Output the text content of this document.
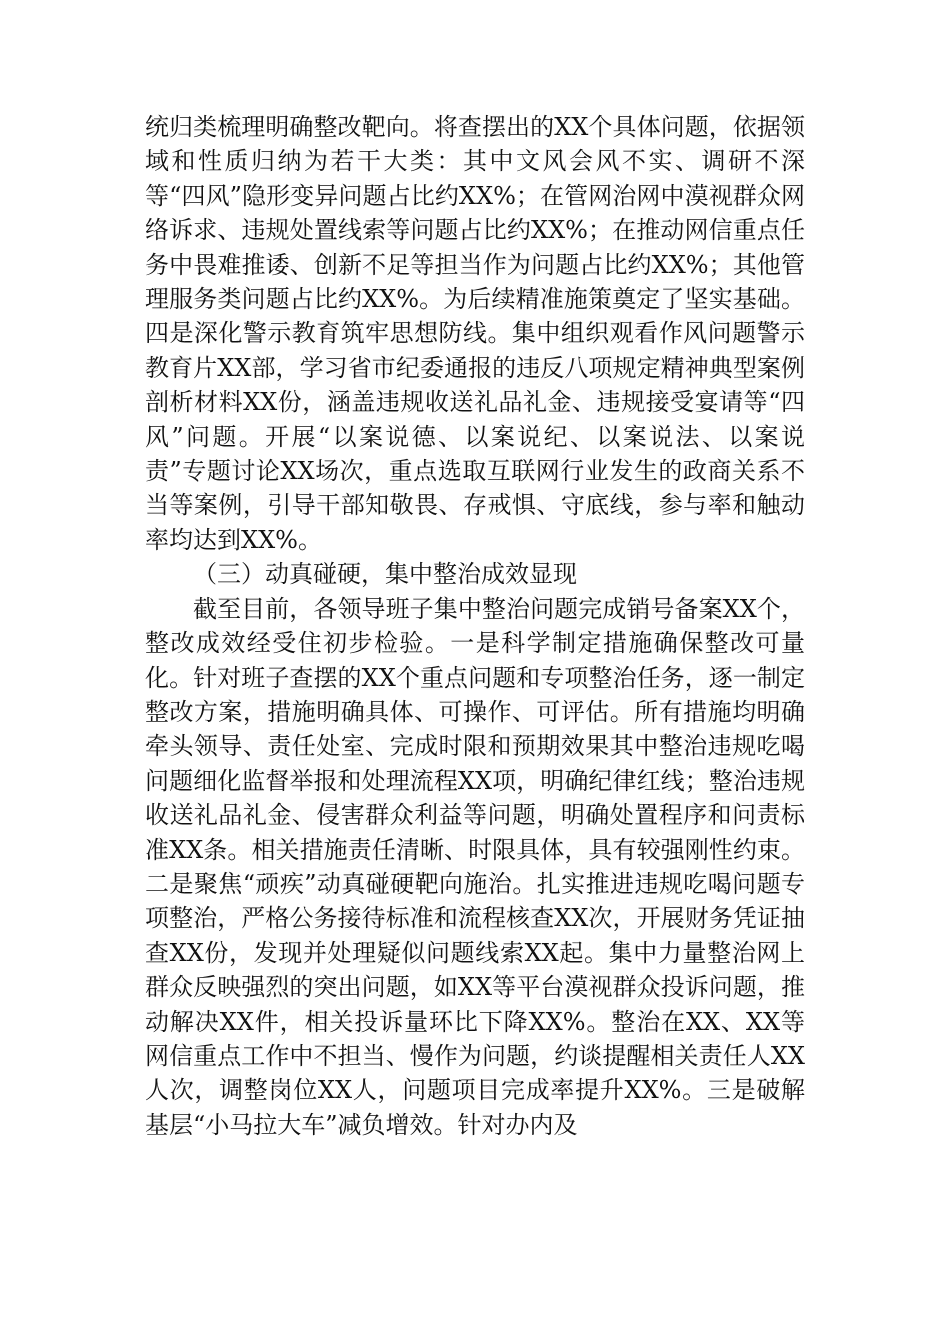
统归类梳理明确整改靶向。将查摆出的XX个具体问题，依据领域和性质归纳为若干大类：其中文风会风不实、调研不深等“四风”隐形变异问题占比约XX%；在管网治网中漠视群众网络诉求、违规处置线索等问题占比约XX%；在推动网信重点任务中畏难推诿、创新不足等担当作为问题占比约XX%；其他管理服务类问题占比约XX%。为后续精准施策奠定了坚实基础。四是深化警示教育筑牢思想防线。集中组织观看作风问题警示教育片XX部，学习省市纪委通报的违反八项规定精神典型案例剖析材料XX份，涵盖违规收送礼品礼金、违规接受宴请等“四风”问题。开展“以案说德、以案说纪、以案说法、以案说责”专题讨论XX场次，重点选取互联网行业发生的政商关系不当等案例，引导干部知敬畏、存戒惧、守底线，参与率和触动率均达到XX%。

（三）动真碰硬，集中整治成效显现

截至目前，各领导班子集中整治问题完成销号备案XX个，整改成效经受住初步检验。一是科学制定措施确保整改可量化。针对班子查摆的XX个重点问题和专项整治任务，逐一制定整改方案，措施明确具体、可操作、可评估。所有措施均明确牵头领导、责任处室、完成时限和预期效果其中整治违规吃喝问题细化监督举报和处理流程XX项，明确纪律红线；整治违规收送礼品礼金、侵害群众利益等问题，明确处置程序和问责标准XX条。相关措施责任清晰、时限具体，具有较强刚性约束。二是聚焦“顽疾”动真碰硬靶向施治。扎实推进违规吃喝问题专项整治，严格公务接待标准和流程核查XX次，开展财务凭证抽查XX份，发现并处理疑似问题线索XX起。集中力量整治网上群众反映强烈的突出问题，如XX等平台漠视群众投诉问题，推动解决XX件，相关投诉量环比下降XX%。整治在XX、XX等网信重点工作中不担当、慢作为问题，约谈提醒相关责任人XX人次，调整岗位XX人，问题项目完成率提升XX%。三是破解基层“小马拉大车”减负增效。针对办内及
